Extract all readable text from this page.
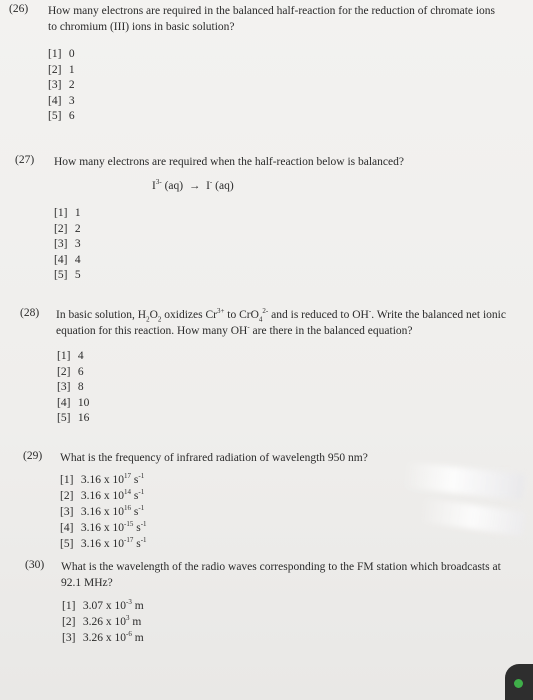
(26) How many electrons are required in the balanced half-reaction for the reduction of chromate ions
to chromium (III) ions in basic solution?
[1] 0
[2] 1
[3] 2
[4] 3
[5] 6
(27) How many electrons are required when the half-reaction below is balanced?
$I^{3-}$ (aq) → I- (aq)
[1] 1
[2] 2
[3] 3
[4] 4
[5] 5
(28) In basic solution, $H_2O_2$ oxidizes $Cr^{3+}$ to CrO$_4^{2-}$ and is reduced to OH-. Write the balanced net ionic
equation for this reaction. How many OH- are there in the balanced equation?
[1] 4
[2] 6
[3] 8
[4] 10
[5] 16
(29) What is the frequency of infrared radiation of wavelength 950 nm?
[1] 3.16 x $10^{17}$ $s^{-1}$
[2] 3.16 x $10^{14}$ $s^{-1}$
[3] 3.16 x $10^{16}$ $s^{-1}$
[4] 3.16 x $10^{-15}$ $s^{-1}$
[5] 3.16 x $10^{-17}$ $s^{-1}$
(30) What is the wavelength of the radio waves corresponding to the FM station which broadcasts at
92.1 MHz?
[1] 3.07 x $10^{-3}$ m
[2] 3.26 x $10^3$ m
[3] 3.26 x $10^{-6}$ m
